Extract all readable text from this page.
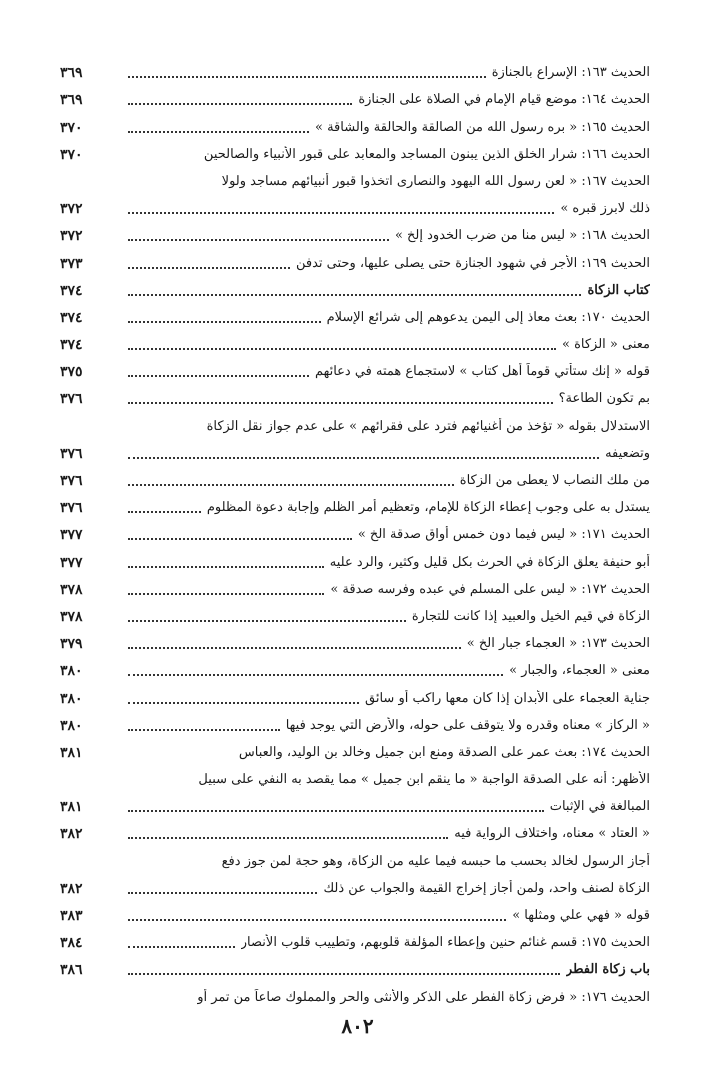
الحديث ١٦٣: الإسراع بالجنازة
٣٦٩
الحديث ١٦٤: موضع قيام الإمام في الصلاة على الجنازة
٣٦٩
الحديث ١٦٥: « بره رسول الله من الصالقة والحالقة والشاقة »
٣٧٠
الحديث ١٦٦: شرار الخلق الذين يبنون المساجد والمعابد على قبور الأنبياء والصالحين
٣٧٠
الحديث ١٦٧: « لعن رسول الله اليهود والنصارى اتخذوا قبور أنبيائهم مساجد ولولا
ذلك لابرز قبره »
٣٧٢
الحديث ١٦٨: « ليس منا من ضرب الخدود إلخ »
٣٧٢
الحديث ١٦٩: الأجر في شهود الجنازة حتى يصلى عليها، وحتى تدفن
٣٧٣
كتاب الزكاة
٣٧٤
الحديث ١٧٠: بعث معاذ إلى اليمن يدعوهم إلى شرائع الإسلام
٣٧٤
معنى « الزكاة »
٣٧٤
قوله « إنك ستأتي قوماً أهل كتاب » لاستجماع همته في دعائهم
٣٧٥
بم تكون الطاعة؟
٣٧٦
الاستدلال بقوله « تؤخذ من أغنيائهم فترد على فقرائهم » على عدم جواز نقل الزكاة
وتضعيفه
٣٧٦
من ملك النصاب لا يعطى من الزكاة
٣٧٦
يستدل به على وجوب إعطاء الزكاة للإمام، وتعظيم أمر الظلم وإجابة دعوة المظلوم
٣٧٦
الحديث ١٧١: « ليس فيما دون خمس أواق صدقة الخ »
٣٧٧
أبو حنيفة يعلق الزكاة في الحرث بكل قليل وكثير، والرد عليه
٣٧٧
الحديث ١٧٢: « ليس على المسلم في عبده وفرسه صدقة »
٣٧٨
الزكاة في قيم الخيل والعبيد إذا كانت للتجارة
٣٧٨
الحديث ١٧٣: « العجماء جبار الخ »
٣٧٩
معنى « العجماء، والجبار »
٣٨٠
جناية العجماء على الأبدان إذا كان معها راكب أو سائق
٣٨٠
« الركاز » معناه وقدره ولا يتوقف على حوله، والأرض التي يوجد فيها
٣٨٠
الحديث ١٧٤: بعث عمر على الصدقة ومنع ابن جميل وخالد بن الوليد، والعباس
٣٨١
الأظهر: أنه على الصدقة الواجبة « ما ينقم ابن جميل » مما يقصد به النفي على سبيل
المبالغة في الإثبات
٣٨١
« العتاد » معناه، واختلاف الرواية فيه
٣٨٢
أجاز الرسول لخالد بحسب ما حبسه فيما عليه من الزكاة، وهو حجة لمن جوز دفع
الزكاة لصنف واحد، ولمن أجاز إخراج القيمة والجواب عن ذلك
٣٨٢
قوله « فهي علي ومثلها »
٣٨٣
الحديث ١٧٥: قسم غنائم حنين وإعطاء المؤلفة قلوبهم، وتطييب قلوب الأنصار
٣٨٤
باب زكاة الفطر
٣٨٦
الحديث ١٧٦: « فرض زكاة الفطر على الذكر والأنثى والحر والمملوك صاعاً من تمر أو
٨٠٢
